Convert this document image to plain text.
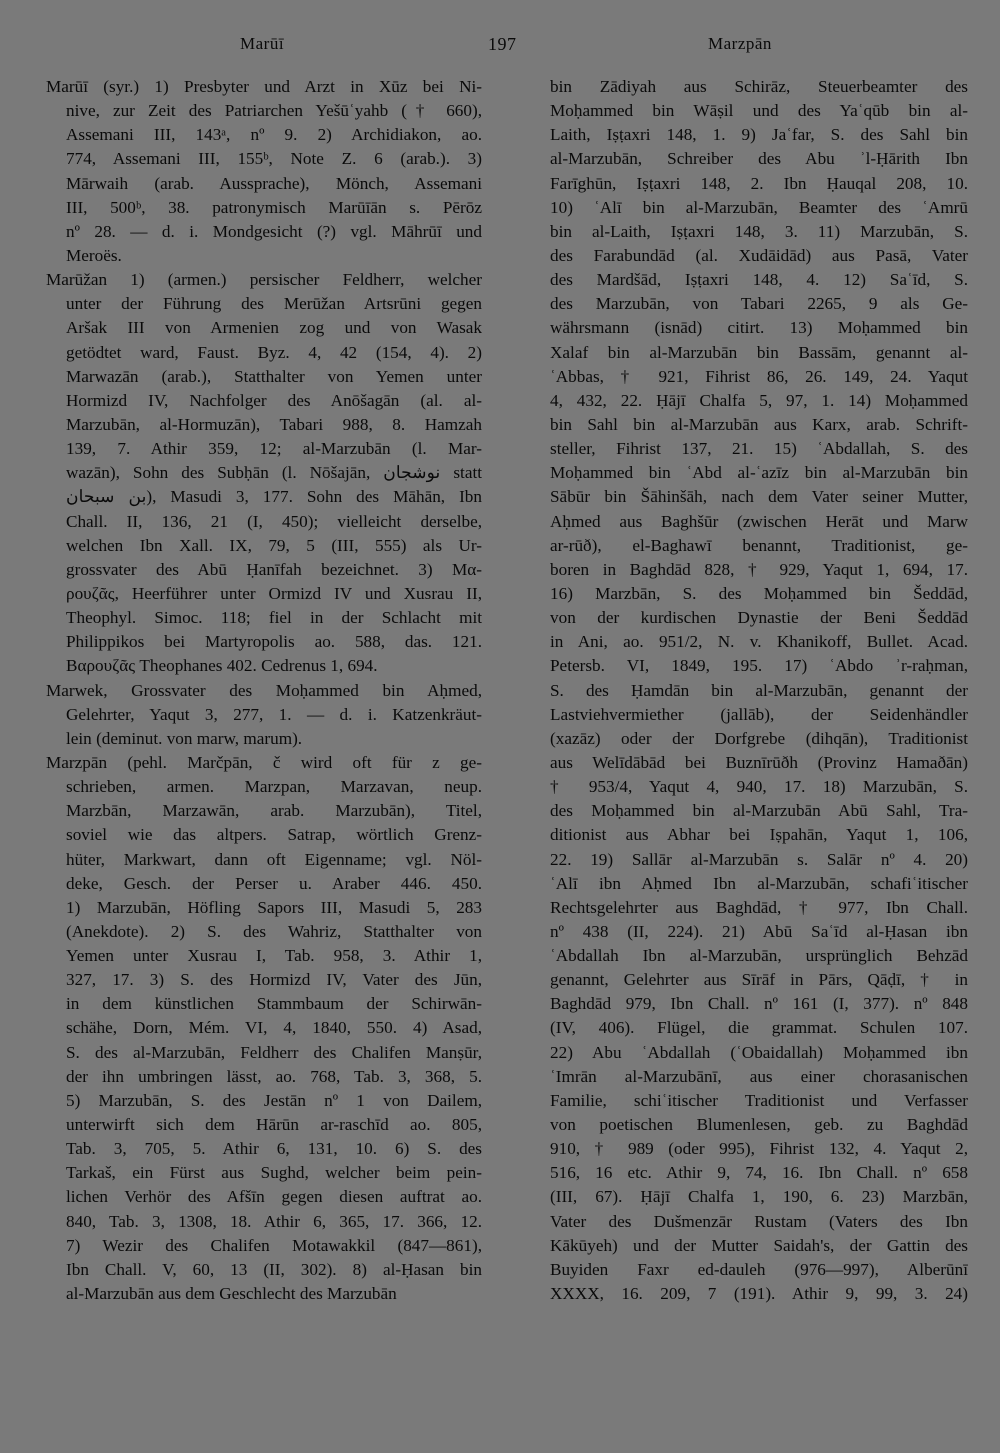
Marūī	197	Marzpān
Marūī (syr.) 1) Presbyter und Arzt in Xūz bei Ni-
nive, zur Zeit des Patriarchen Yešūʿyahb († 660),
Assemani III, 143ᵃ, nº 9. 2) Archidiakon, ao.
774, Assemani III, 155ᵇ, Note Z. 6 (arab.). 3)
Mārwaih (arab. Aussprache), Mönch, Assemani
III, 500ᵇ, 38. patronymisch Marūīān s. Pērōz
nº 28. — d. i. Mondgesicht (?) vgl. Māhrūī und
Meroës.
Marūžan 1) (armen.) persischer Feldherr, welcher
unter der Führung des Merūžan Artsrūni gegen
Aršak III von Armenien zog und von Wasak
getödtet ward, Faust. Byz. 4, 42 (154, 4). 2)
Marwazān (arab.), Statthalter von Yemen unter
Hormizd IV, Nachfolger des Anōšagān (al. al-
Marzubān, al-Hormuzān), Tabari 988, 8. Hamzah
139, 7. Athir 359, 12; al-Marzubān (l. Mar-
wazān), Sohn des Subḥān (l. Nōšajān, نوشجان statt
بن سبحان), Masudi 3, 177. Sohn des Māhān, Ibn
Chall. II, 136, 21 (I, 450); vielleicht derselbe,
welchen Ibn Xall. IX, 79, 5 (III, 555) als Ur-
grossvater des Abū Ḥanīfah bezeichnet. 3) Μα-
ρουζᾶς, Heerführer unter Ormizd IV und Xusrau II,
Theophyl. Simoc. 118; fiel in der Schlacht mit
Philippikos bei Martyropolis ao. 588, das. 121.
Βαρουζᾶς Theophanes 402. Cedrenus 1, 694.
Marwek, Grossvater des Moḥammed bin Aḥmed,
Gelehrter, Yaqut 3, 277, 1. — d. i. Katzenkräut-
lein (deminut. von marw, marum).
Marzpān (pehl. Marčpān, č wird oft für z ge-
schrieben, armen. Marzpan, Marzavan, neup.
Marzbān, Marzawān, arab. Marzubān), Titel,
soviel wie das altpers. Satrap, wörtlich Grenz-
hüter, Markwart, dann oft Eigenname; vgl. Nöl-
deke, Gesch. der Perser u. Araber 446. 450.
1) Marzubān, Höfling Sapors III, Masudi 5, 283
(Anekdote). 2) S. des Wahriz, Statthalter von
Yemen unter Xusrau I, Tab. 958, 3. Athir 1,
327, 17. 3) S. des Hormizd IV, Vater des Jūn,
in dem künstlichen Stammbaum der Schirwān-
schähe, Dorn, Mém. VI, 4, 1840, 550. 4) Asad,
S. des al-Marzubān, Feldherr des Chalifen Manṣūr,
der ihn umbringen lässt, ao. 768, Tab. 3, 368, 5.
5) Marzubān, S. des Jestān nº 1 von Dailem,
unterwirft sich dem Hārūn ar-raschīd ao. 805,
Tab. 3, 705, 5. Athir 6, 131, 10. 6) S. des
Tarkaš, ein Fürst aus Sughd, welcher beim pein-
lichen Verhör des Afšīn gegen diesen auftrat ao.
840, Tab. 3, 1308, 18. Athir 6, 365, 17. 366, 12.
7) Wezir des Chalifen Motawakkil (847—861),
Ibn Chall. V, 60, 13 (II, 302). 8) al-Ḥasan bin
al-Marzubān aus dem Geschlecht des Marzubān
bin Zādiyah aus Schirāz, Steuerbeamter des
Moḥammed bin Wāṣil und des Yaʿqūb bin al-
Laith, Iṣṭaxri 148, 1. 9) Jaʿfar, S. des Sahl bin
al-Marzubān, Schreiber des Abu ʾl-Ḥārith Ibn
Farīghūn, Iṣṭaxri 148, 2. Ibn Ḥauqal 208, 10.
10) ʿAlī bin al-Marzubān, Beamter des ʿAmrū
bin al-Laith, Iṣṭaxri 148, 3. 11) Marzubān, S.
des Farabundād (al. Xudāidād) aus Pasā, Vater
des Mardšād, Iṣṭaxri 148, 4. 12) Saʿīd, S.
des Marzubān, von Tabari 2265, 9 als Ge-
währsmann (isnād) citirt. 13) Moḥammed bin
Xalaf bin al-Marzubān bin Bassām, genannt al-
ʿAbbas, † 921, Fihrist 86, 26. 149, 24. Yaqut
4, 432, 22. Ḥājī Chalfa 5, 97, 1. 14) Moḥammed
bin Sahl bin al-Marzubān aus Karx, arab. Schrift-
steller, Fihrist 137, 21. 15) ʿAbdallah, S. des
Moḥammed bin ʿAbd al-ʿazīz bin al-Marzubān bin
Sābūr bin Šāhinšāh, nach dem Vater seiner Mutter,
Aḥmed aus Baghšūr (zwischen Herāt und Marw
ar-rūð), el-Baghawī benannt, Traditionist, ge-
boren in Baghdād 828, † 929, Yaqut 1, 694, 17.
16) Marzbān, S. des Moḥammed bin Šeddād,
von der kurdischen Dynastie der Beni Šeddād
in Ani, ao. 951/2, N. v. Khanikoff, Bullet. Acad.
Petersb. VI, 1849, 195. 17) ʿAbdo ʾr-raḥman,
S. des Ḥamdān bin al-Marzubān, genannt der
Lastviehvermiether (jallāb), der Seidenhändler
(xazāz) oder der Dorfgrebe (dihqān), Traditionist
aus Welīdābād bei Buznīrūðh (Provinz Hamaðān)
† 953/4, Yaqut 4, 940, 17. 18) Marzubān, S.
des Moḥammed bin al-Marzubān Abū Sahl, Tra-
ditionist aus Abhar bei Iṣpahān, Yaqut 1, 106,
22. 19) Sallār al-Marzubān s. Salār nº 4. 20)
ʿAlī ibn Aḥmed Ibn al-Marzubān, schafiʿitischer
Rechtsgelehrter aus Baghdād, † 977, Ibn Chall.
nº 438 (II, 224). 21) Abū Saʿīd al-Ḥasan ibn
ʿAbdallah Ibn al-Marzubān, ursprünglich Behzād
genannt, Gelehrter aus Sīrāf in Pārs, Qāḍī, † in
Baghdād 979, Ibn Chall. nº 161 (I, 377). nº 848
(IV, 406). Flügel, die grammat. Schulen 107.
22) Abu ʿAbdallah (ʿObaidallah) Moḥammed ibn
ʿImrān al-Marzubānī, aus einer chorasanischen
Familie, schiʿitischer Traditionist und Verfasser
von poetischen Blumenlesen, geb. zu Baghdād
910, † 989 (oder 995), Fihrist 132, 4. Yaqut 2,
516, 16 etc. Athir 9, 74, 16. Ibn Chall. nº 658
(III, 67). Ḥājī Chalfa 1, 190, 6. 23) Marzbān,
Vater des Dušmenzār Rustam (Vaters des Ibn
Kākūyeh) und der Mutter Saidah's, der Gattin des
Buyiden Faxr ed-dauleh (976—997), Alberūnī
XXXX, 16. 209, 7 (191). Athir 9, 99, 3. 24)
